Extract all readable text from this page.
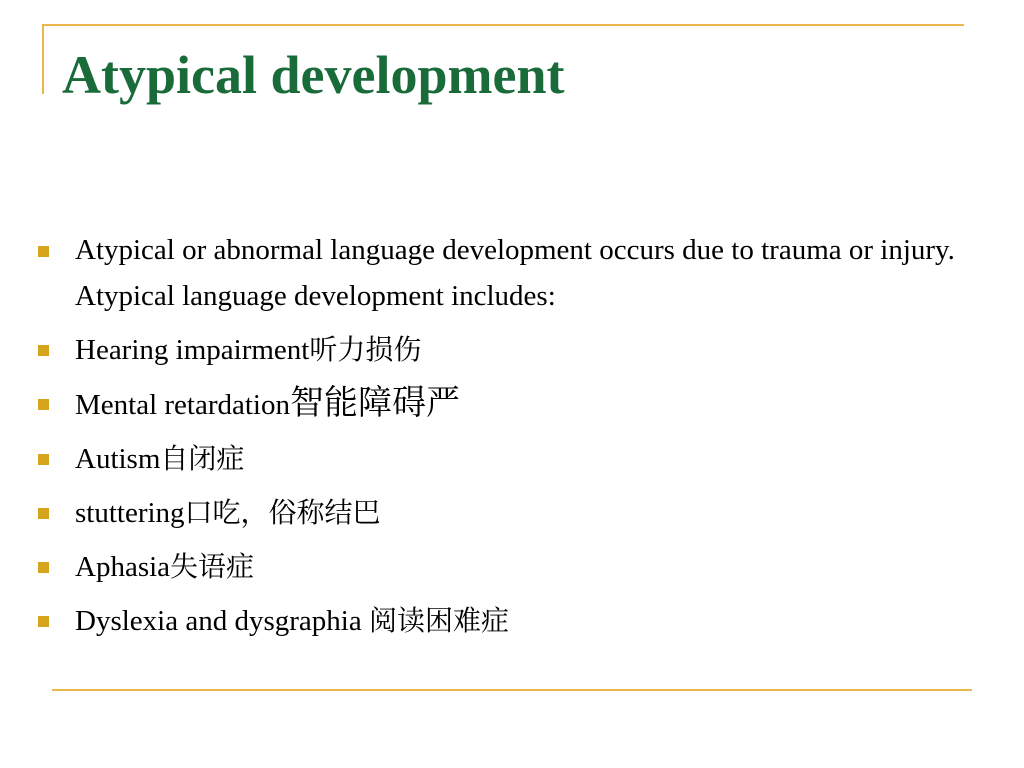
Atypical development
Atypical or abnormal language development occurs due to trauma or injury. Atypical language development includes:
Hearing impairment听力损伤
Mental retardation智能障碍严
Autism自闭症
stuttering口吃，俗称结巴
Aphasia失语症
Dyslexia and dysgraphia 阅读困难症
